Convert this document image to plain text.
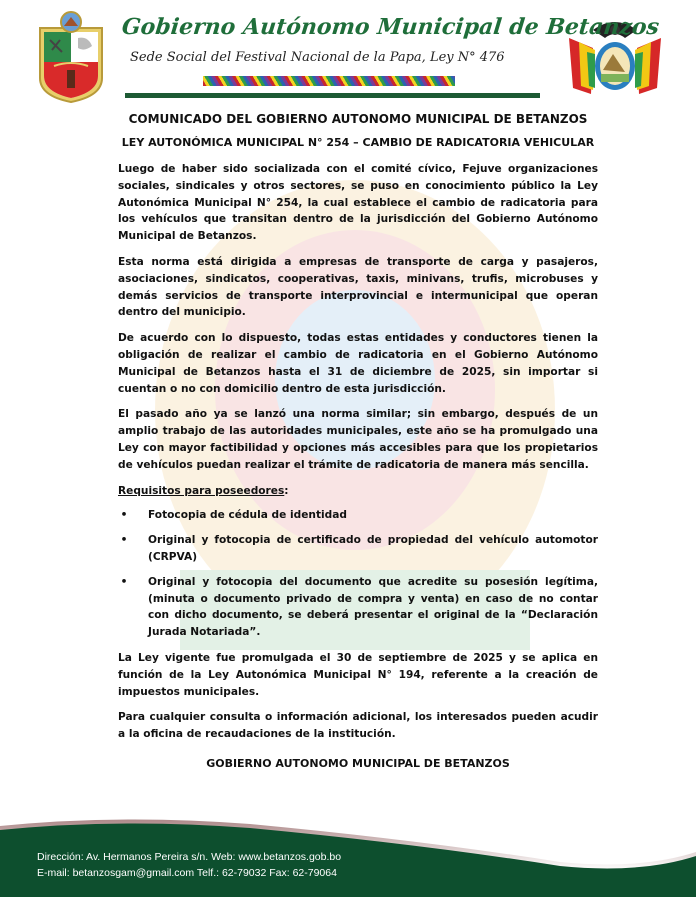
Gobierno Autónomo Municipal de Betanzos
Sede Social del Festival Nacional de la Papa, Ley N° 476
Dirección: Av. Hermanos Pereira s/n. Web: www.betanzos.gob.bo
E-mail: betanzosgam@gmail.com Telf.: 62-79032 Fax: 62-79064
COMUNICADO DEL GOBIERNO AUTONOMO MUNICIPAL DE BETANZOS
LEY AUTONÓMICA MUNICIPAL N° 254 – CAMBIO DE RADICATORIA VEHICULAR

Luego de haber sido socializada con el comité cívico, Fejuve organizaciones sociales, sindicales y otros sectores, se puso en conocimiento público la Ley Autonómica Municipal N° 254, la cual establece el cambio de radicatoria para los vehículos que transitan dentro de la jurisdicción del Gobierno Autónomo Municipal de Betanzos.

Esta norma está dirigida a empresas de transporte de carga y pasajeros, asociaciones, sindicatos, cooperativas, taxis, minivans, trufis, microbuses y demás servicios de transporte interprovincial e intermunicipal que operan dentro del municipio.

De acuerdo con lo dispuesto, todas estas entidades y conductores tienen la obligación de realizar el cambio de radicatoria en el Gobierno Autónomo Municipal de Betanzos hasta el 31 de diciembre de 2025, sin importar si cuentan o no con domicilio dentro de esta jurisdicción.

El pasado año ya se lanzó una norma similar; sin embargo, después de un amplio trabajo de las autoridades municipales, este año se ha promulgado una Ley con mayor factibilidad y opciones más accesibles para que los propietarios de vehículos puedan realizar el trámite de radicatoria de manera más sencilla.

Requisitos para poseedores:
• Fotocopia de cédula de identidad
• Original y fotocopia de certificado de propiedad del vehículo automotor (CRPVA)
• Original y fotocopia del documento que acredite su posesión legítima, (minuta o documento privado de compra y venta) en caso de no contar con dicho documento, se deberá presentar el original de la “Declaración Jurada Notariada”.

La Ley vigente fue promulgada el 30 de septiembre de 2025 y se aplica en función de la Ley Autonómica Municipal N° 194, referente a la creación de impuestos municipales.

Para cualquier consulta o información adicional, los interesados pueden acudir a la oficina de recaudaciones de la institución.

GOBIERNO AUTONOMO MUNICIPAL DE BETANZOS
